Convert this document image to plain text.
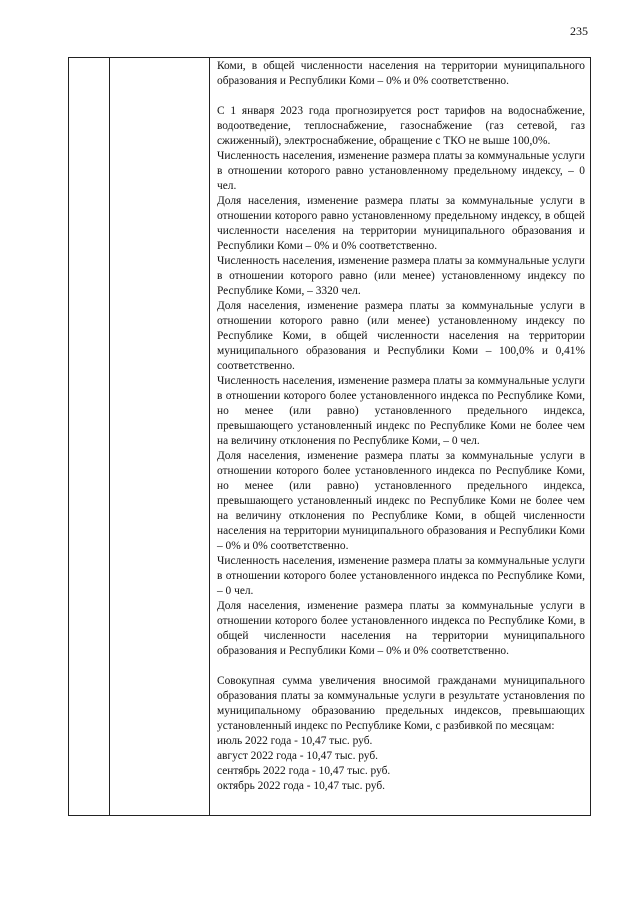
235

Коми, в общей численности населения на территории муниципального образования и Республики Коми – 0% и 0% соответственно.

С 1 января 2023 года прогнозируется рост тарифов на водоснабжение, водоотведение, теплоснабжение, газоснабжение (газ сетевой, газ сжиженный), электроснабжение, обращение с ТКО не выше 100,0%.

Численность населения, изменение размера платы за коммунальные услуги в отношении которого равно установленному предельному индексу, – 0 чел.

Доля населения, изменение размера платы за коммунальные услуги в отношении которого равно установленному предельному индексу, в общей численности населения на территории муниципального образования и Республики Коми – 0% и 0% соответственно.

Численность населения, изменение размера платы за коммунальные услуги в отношении которого равно (или менее) установленному индексу по Республике Коми, – 3320 чел.

Доля населения, изменение размера платы за коммунальные услуги в отношении которого равно (или менее) установленному индексу по Республике Коми, в общей численности населения на территории муниципального образования и Республики Коми – 100,0% и 0,41% соответственно.

Численность населения, изменение размера платы за коммунальные услуги в отношении которого более установленного индекса по Республике Коми, но менее (или равно) установленного предельного индекса, превышающего установленный индекс по Республике Коми не более чем на величину отклонения по Республике Коми, – 0 чел.

Доля населения, изменение размера платы за коммунальные услуги в отношении которого более установленного индекса по Республике Коми, но менее (или равно) установленного предельного индекса, превышающего установленный индекс по Республике Коми не более чем на величину отклонения по Республике Коми, в общей численности населения на территории муниципального образования и Республики Коми – 0% и 0% соответственно.

Численность населения, изменение размера платы за коммунальные услуги в отношении которого более установленного индекса по Республике Коми, – 0 чел.

Доля населения, изменение размера платы за коммунальные услуги в отношении которого более установленного индекса по Республике Коми, в общей численности населения на территории муниципального образования и Республики Коми – 0% и 0% соответственно.

Совокупная сумма увеличения вносимой гражданами муниципального образования платы за коммунальные услуги в результате установления по муниципальному образованию предельных индексов, превышающих установленный индекс по Республике Коми, с разбивкой по месяцам:

июль 2022 года - 10,47 тыс. руб.
август 2022 года - 10,47 тыс. руб.
сентябрь 2022 года - 10,47 тыс. руб.
октябрь 2022 года - 10,47 тыс. руб.
